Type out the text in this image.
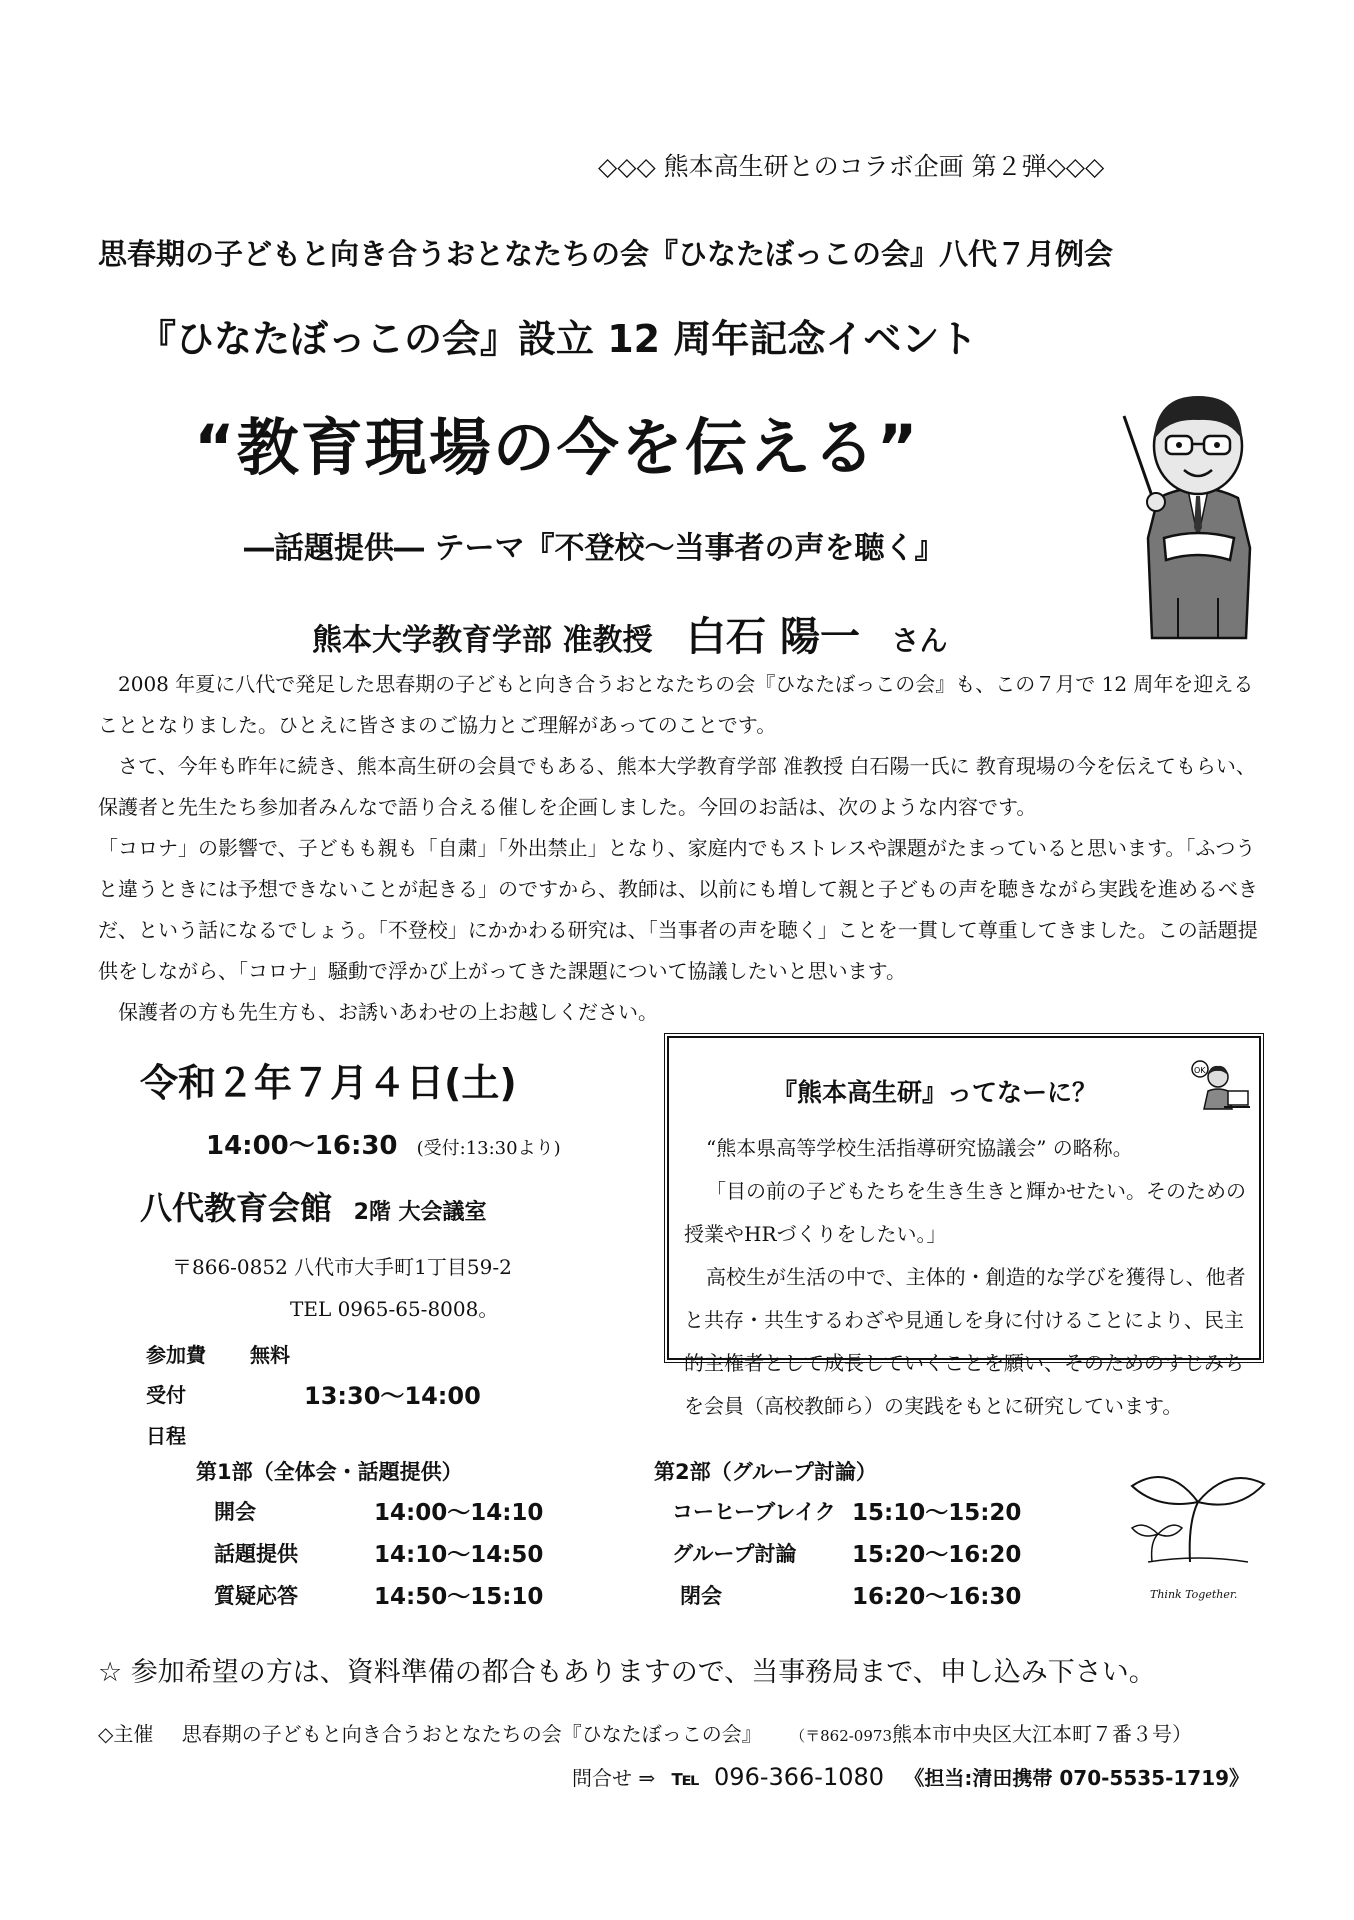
◇◇◇ 熊本高生研とのコラボ企画 第２弾◇◇◇
思春期の子どもと向き合うおとなたちの会『ひなたぼっこの会』八代７月例会
『ひなたぼっこの会』設立 12 周年記念イベント
“教育現場の今を伝える”
―話題提供― テーマ『不登校～当事者の声を聴く』
熊本大学教育学部 准教授 白石 陽一 さん

2008 年夏に八代で発足した思春期の子どもと向き合うおとなたちの会『ひなたぼっこの会』も、この７月で 12 周年を迎えることとなりました。ひとえに皆さまのご協力とご理解があってのことです。

さて、今年も昨年に続き、熊本高生研の会員でもある、熊本大学教育学部 准教授 白石陽一氏に 教育現場の今を伝えてもらい、保護者と先生たち参加者みんなで語り合える催しを企画しました。今回のお話は、次のような内容です。

「コロナ」の影響で、子どもも親も「自粛」「外出禁止」となり、家庭内でもストレスや課題がたまっていると思います。「ふつうと違うときには予想できないことが起きる」のですから、教師は、以前にも増して親と子どもの声を聴きながら実践を進めるべきだ、という話になるでしょう。「不登校」にかかわる研究は、「当事者の声を聴く」ことを一貫して尊重してきました。この話題提供をしながら、「コロナ」騒動で浮かび上がってきた課題について協議したいと思います。

保護者の方も先生方も、お誘いあわせの上お越しください。

令和２年７月４日(土)
14:00～16:30 (受付:13:30より)
八代教育会館 2階 大会議室
〒866-0852 八代市大手町1丁目59-2
TEL 0965-65-8008。
参加費 無料
受付	13:30～14:00
日程
『熊本高生研』ってなーに？
OK
“熊本県高等学校生活指導研究協議会” の略称。
「目の前の子どもたちを生き生きと輝かせたい。そのための授業やHRづくりをしたい。」
高校生が生活の中で、主体的・創造的な学びを獲得し、他者と共存・共生するわざや見通しを身に付けることにより、民主的主権者として成長していくことを願い、そのためのすじみちを会員（高校教師ら）の実践をもとに研究しています。
第1部（全体会・話題提供）
開会	14:00～14:10
話題提供	14:10～14:50
質疑応答	14:50～15:10
第2部（グループ討論）
コーヒーブレイク 15:10～15:20
グループ討論 15:20～16:20
閉会	16:20～16:30	Think Together.
☆ 参加希望の方は、資料準備の都合もありますので、当事務局まで、申し込み下さい。
◇主催 思春期の子どもと向き合うおとなたちの会『ひなたぼっこの会』 （〒862-0973熊本市中央区大江本町７番３号）
問合せ ⇒ ℡ 096-366-1080 《担当:清田携帯 070-5535-1719》
